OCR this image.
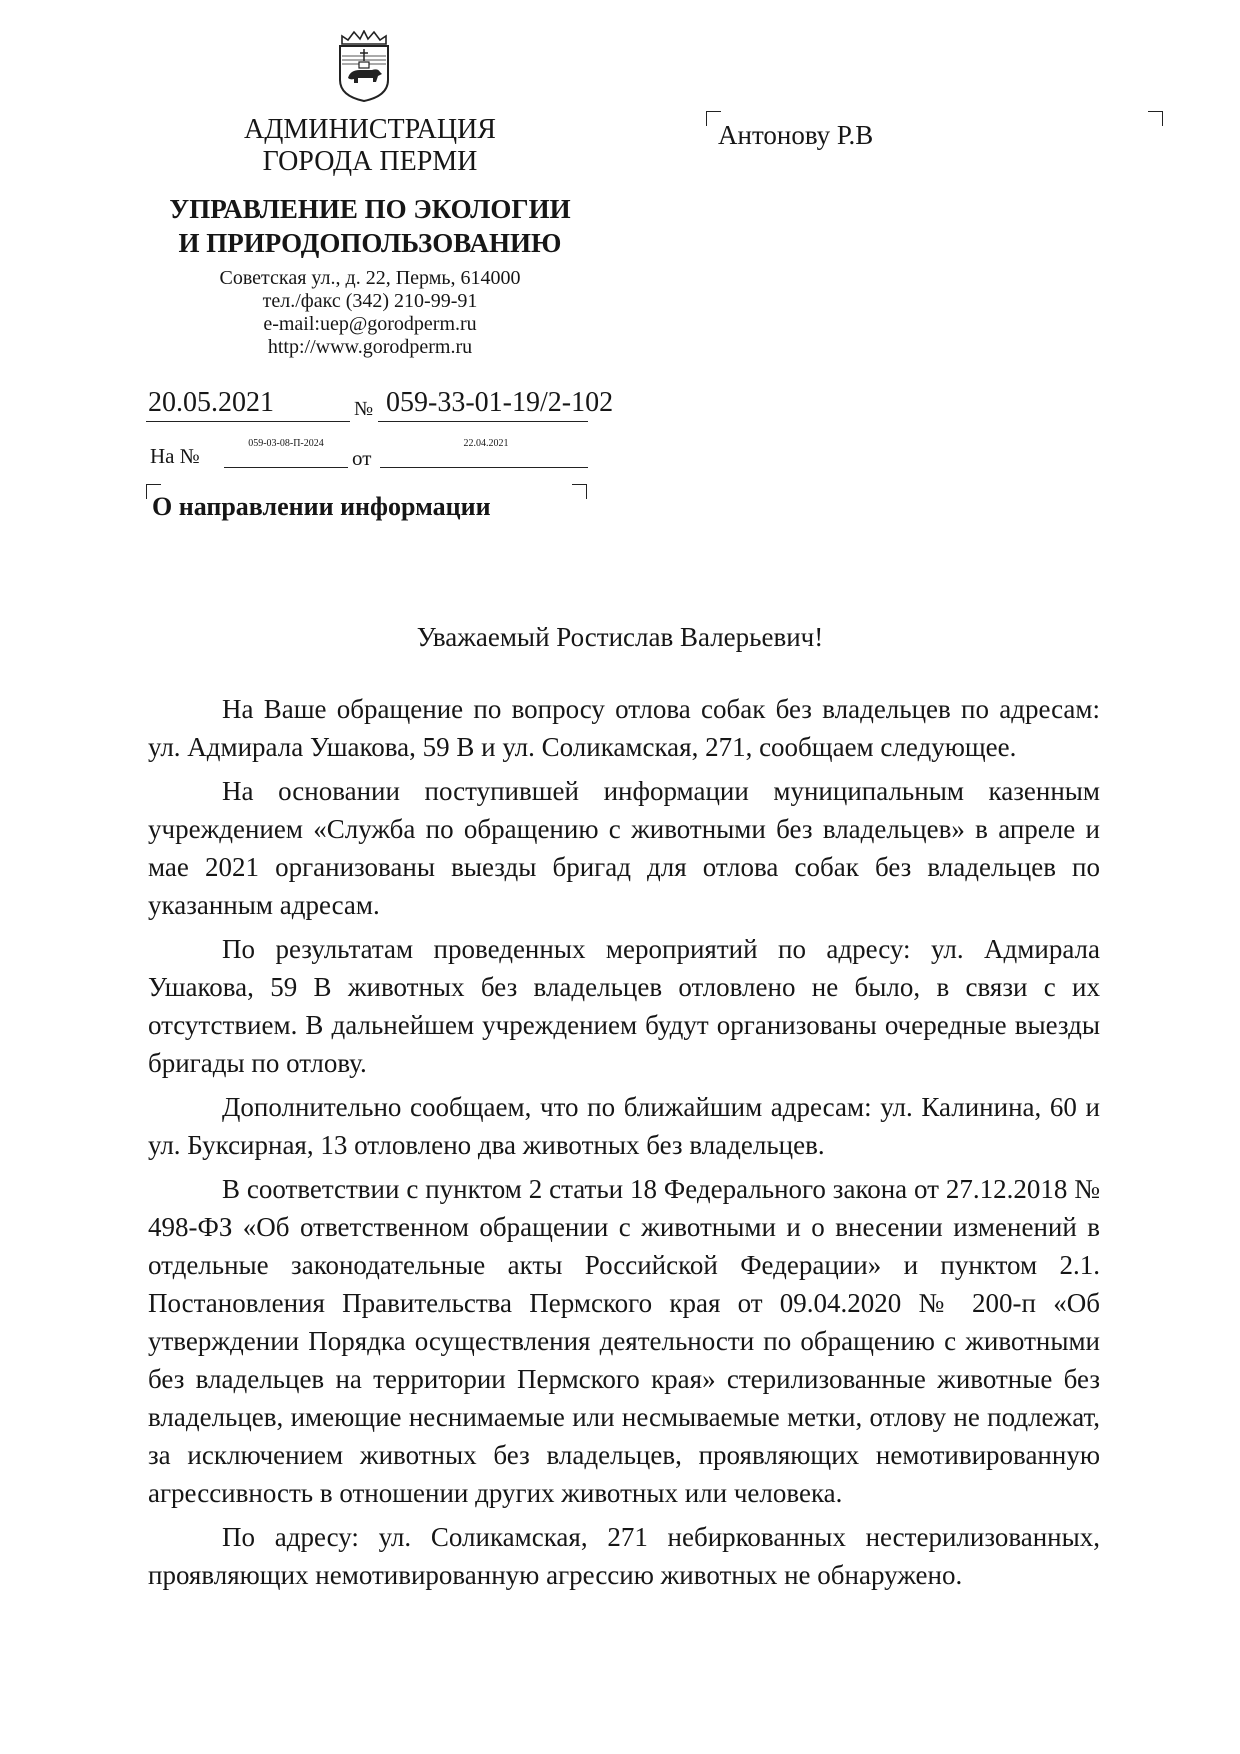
АДМИНИСТРАЦИЯ
ГОРОДА ПЕРМИ
УПРАВЛЕНИЕ ПО ЭКОЛОГИИ
И ПРИРОДОПОЛЬЗОВАНИЮ
Советская ул., д. 22, Пермь, 614000
тел./факс (342) 210-99-91
e-mail:uep@gorodperm.ru
http://www.gorodperm.ru
Антонову Р.В
20.05.2021	№ 059-33-01-19/2-102
На №
059-03-08-П-2024
от
22.04.2021
О направлении информации
Уважаемый Ростислав Валерьевич!

На Ваше обращение по вопросу отлова собак без владельцев по адресам: ул. Адмирала Ушакова, 59 В и ул. Соликамская, 271, сообщаем следующее.

На основании поступившей информации муниципальным казенным учреждением «Служба по обращению с животными без владельцев» в апреле и мае 2021 организованы выезды бригад для отлова собак без владельцев по указанным адресам.

По результатам проведенных мероприятий по адресу: ул. Адмирала Ушакова, 59 В животных без владельцев отловлено не было, в связи с их отсутствием. В дальнейшем учреждением будут организованы очередные выезды бригады по отлову.

Дополнительно сообщаем, что по ближайшим адресам: ул. Калинина, 60 и ул. Буксирная, 13 отловлено два животных без владельцев.

В соответствии с пунктом 2 статьи 18 Федерального закона от 27.12.2018 № 498-ФЗ «Об ответственном обращении с животными и о внесении изменений в отдельные законодательные акты Российской Федерации» и пунктом 2.1. Постановления Правительства Пермского края от 09.04.2020 № 200-п «Об утверждении Порядка осуществления деятельности по обращению с животными без владельцев на территории Пермского края» стерилизованные животные без владельцев, имеющие неснимаемые или несмываемые метки, отлову не подлежат, за исключением животных без владельцев, проявляющих немотивированную агрессивность в отношении других животных или человека.

По адресу: ул. Соликамская, 271 небиркованных нестерилизованных, проявляющих немотивированную агрессию животных не обнаружено.
